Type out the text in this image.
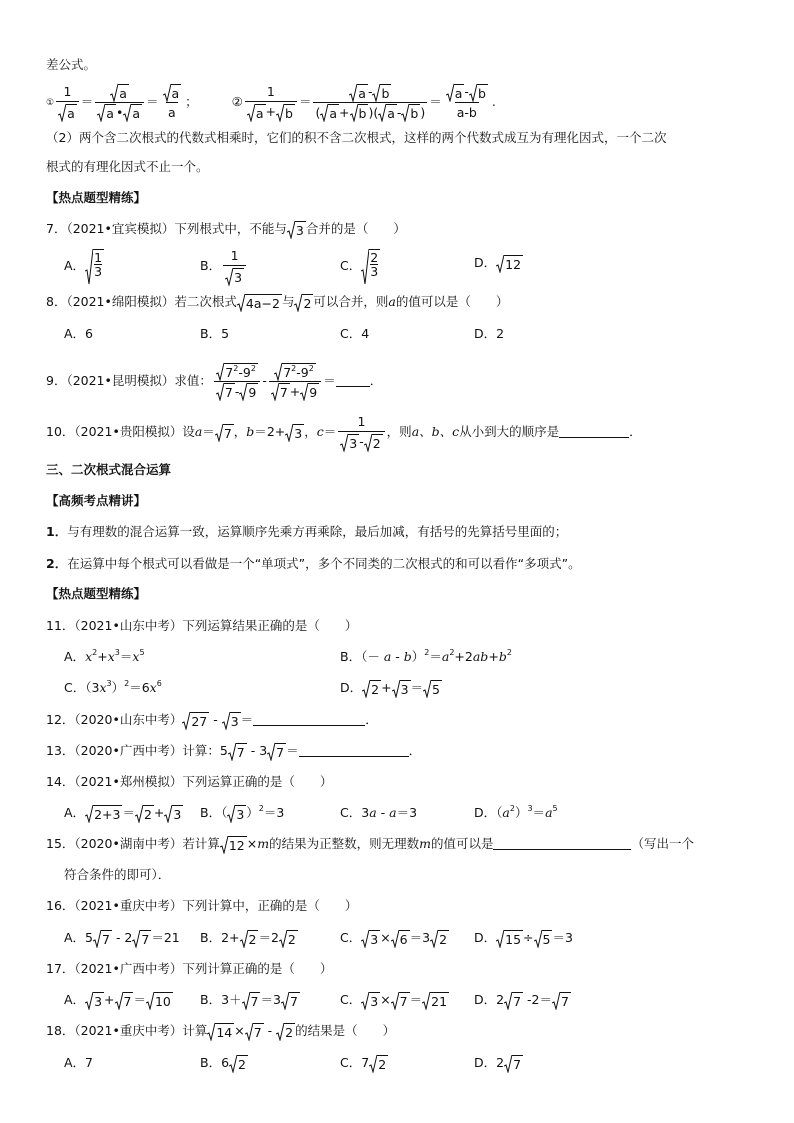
差公式。
① $\frac{1}{a} = \frac{a}{a • a} = \frac{a}{a}$ ；  ② $\frac{1}{a + b} = \frac{a - b}{( a + b )( a - b )} = \frac{a - b}{a-b}$ .
（2）两个含二次根式的代数式相乘时，它们的积不含二次根式，这样的两个代数式成互为有理化因式，一个二次
根式的有理化因式不止一个。
【热点题型精练】
7．（2021•宜宾模拟）下列根式中，不能与 3 合并的是（　　）
A．
1
3	B． $\frac{1}{3}$	C．
2
3
D． 12
8．（2021•绵阳模拟）若二次根式 4a−2 与 2 可以合并，则a的值可以是（　　）
A．6	B．5	C．4	D．2
9．（2021•昆明模拟）求值： $\frac{7^2-9^2}{7 - 9} - \frac{7^2-9^2}{7 + 9}$ ＝	．
10．（2021•贵阳模拟）设a＝ 7 ，b＝2+ 3 ，$c= \frac{1}{3 - 2}$ ，则a、b、c从小到大的顺序是	．
三、二次根式混合运算
【高频考点精讲】
1．与有理数的混合运算一致，运算顺序先乘方再乘除，最后加减，有括号的先算括号里面的；
2．在运算中每个根式可以看做是一个“单项式”，多个不同类的二次根式的和可以看作“多项式”。
【热点题型精练】
11．（2021•山东中考）下列运算结果正确的是（　　）
A．$x^2+x^3=x^5$	B．（－ $a - b)^2=a^2+2ab+b^2$
C．$(3x^3)^2=6x^6$	D． 2 + 3 ＝ 5
12．（2020•山东中考） 27 - 3 ＝	．
13．（2020•广西中考）计算：5 7 - 3 7 ＝	．
14．（2021•郑州模拟）下列运算正确的是（　　）
A． 2+3 ＝ 2 + 3 B．（ 3 ）$^2$＝3	C．3a - a＝3	D．$(a^2)^3=a^5$
15．（2020•湖南中考）若计算 12 ×m的结果为正整数，则无理数m的值可以是	（写出一个
符合条件的即可）．
16．（2021•重庆中考）下列计算中，正确的是（　　）
A．5 7 - 2 7 ＝21 B．2+ 2 ＝2 2	C． 3 × 6 ＝3 2 D． 15 ÷ 5 ＝3
17．（2021•广西中考）下列计算正确的是（　　）
A． 3 + 7 ＝ 10 B．3＋ 7 ＝3 7	C． 3 × 7 ＝ 21 D．2 7 -2＝ 7
18．（2021•重庆中考）计算 14 × 7 - 2 的结果是（　　）
A．7	B．6 2	C．7 2	D．2 7
